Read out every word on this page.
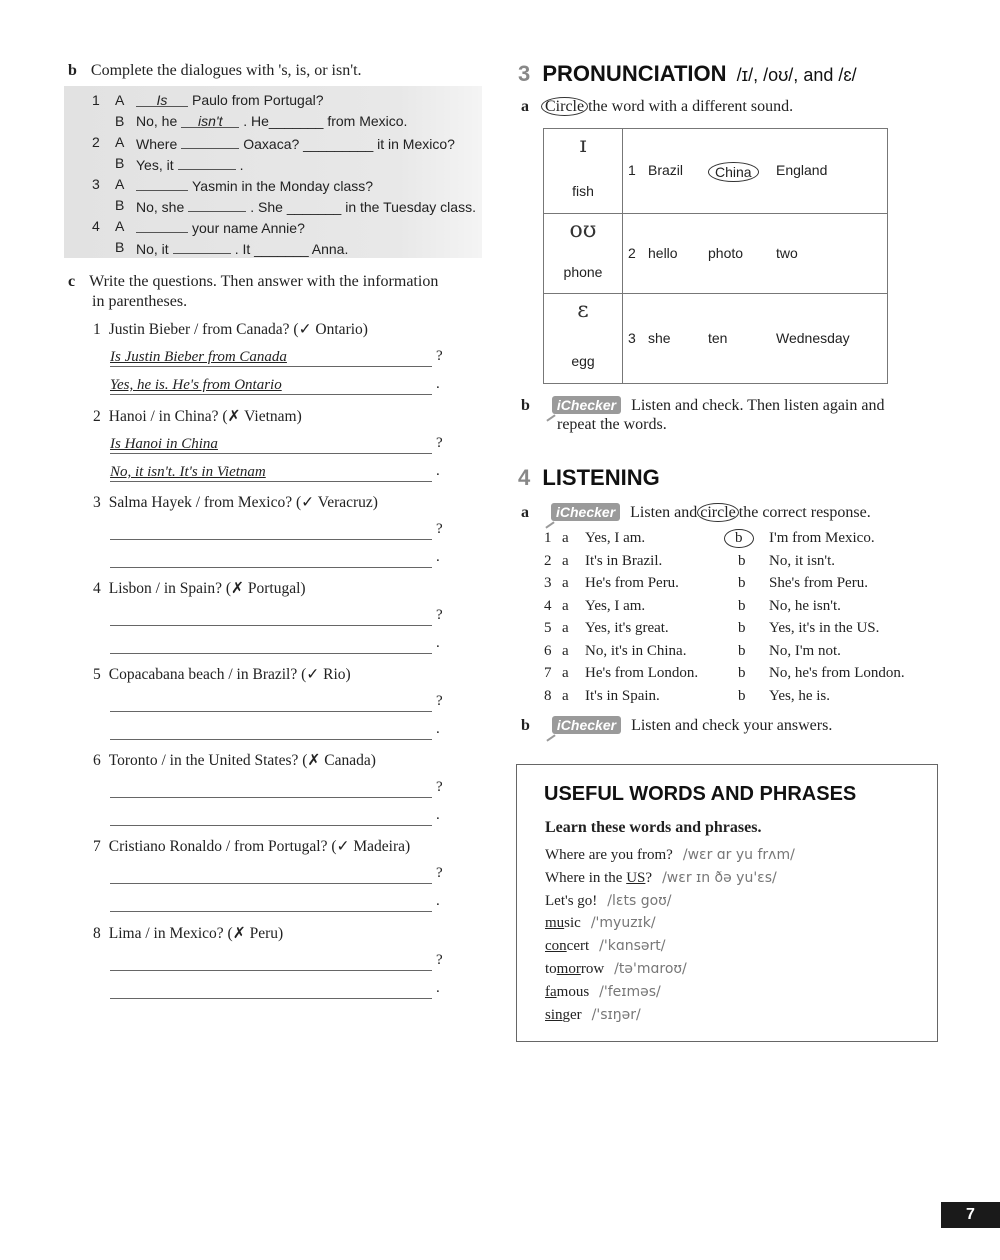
b Complete the dialogues with 's, is, or isn't.
1	A	Is Paulo from Portugal?
B No, he isn't . He_______ from Mexico.
2	A Where	Oaxaca? _________ it in Mexico?
B Yes, it	.
3	A	Yasmin in the Monday class?
B No, she	. She _______ in the Tuesday class.
4	A	your name Annie?
B No, it	. It _______ Anna.
c Write the questions. Then answer with the information
in parentheses.
1 Justin Bieber / from Canada? (✓ Ontario)
Is Justin Bieber from Canada	?
Yes, he is. He's from Ontario	.
2 Hanoi / in China? (✗ Vietnam)
Is Hanoi in China	?
No, it isn't. It's in Vietnam	.
3 Salma Hayek / from Mexico? (✓ Veracruz)
?
.
4 Lisbon / in Spain? (✗ Portugal)
?
.
5 Copacabana beach / in Brazil? (✓ Rio)
?
.
6 Toronto / in the United States? (✗ Canada)
?
.
7 Cristiano Ronaldo / from Portugal? (✓ Madeira)
?
.
8 Lima / in Mexico? (✗ Peru)
?
.
3 PRONUNCIATION /ɪ/, /oʊ/, and /ɛ/
a Circle the word with a different sound.
ɪ
fish
1 Brazil	China	England
oʊ
phone
2 hello photo two
ɛ
egg
3 she	ten	Wednesday
b iChecker Listen and check. Then listen again and
repeat the words.
4 LISTENING
a iChecker Listen and circle the correct response.
1 a Yes, I am.	b	I'm from Mexico.
2 a It's in Brazil.	b No, it isn't.
3 a He's from Peru.	b She's from Peru.
4 a Yes, I am.	b No, he isn't.
5 a Yes, it's great.	b Yes, it's in the US.
6 a No, it's in China.	b No, I'm not.
7 a He's from London.	b No, he's from London.
8 a It's in Spain.	b Yes, he is.
b iChecker Listen and check your answers.
USEFUL WORDS AND PHRASES
Learn these words and phrases.
Where are you from? /wɛr ɑr yu frʌm/
Where in the US? /wɛr ɪn ðə yu'ɛs/
Let's go! /lɛts goʊ/
music /'myuzɪk/
concert /'kɑnsərt/
tomorrow /tə'mɑroʊ/
famous /'feɪməs/
singer /'sɪŋər/
7
